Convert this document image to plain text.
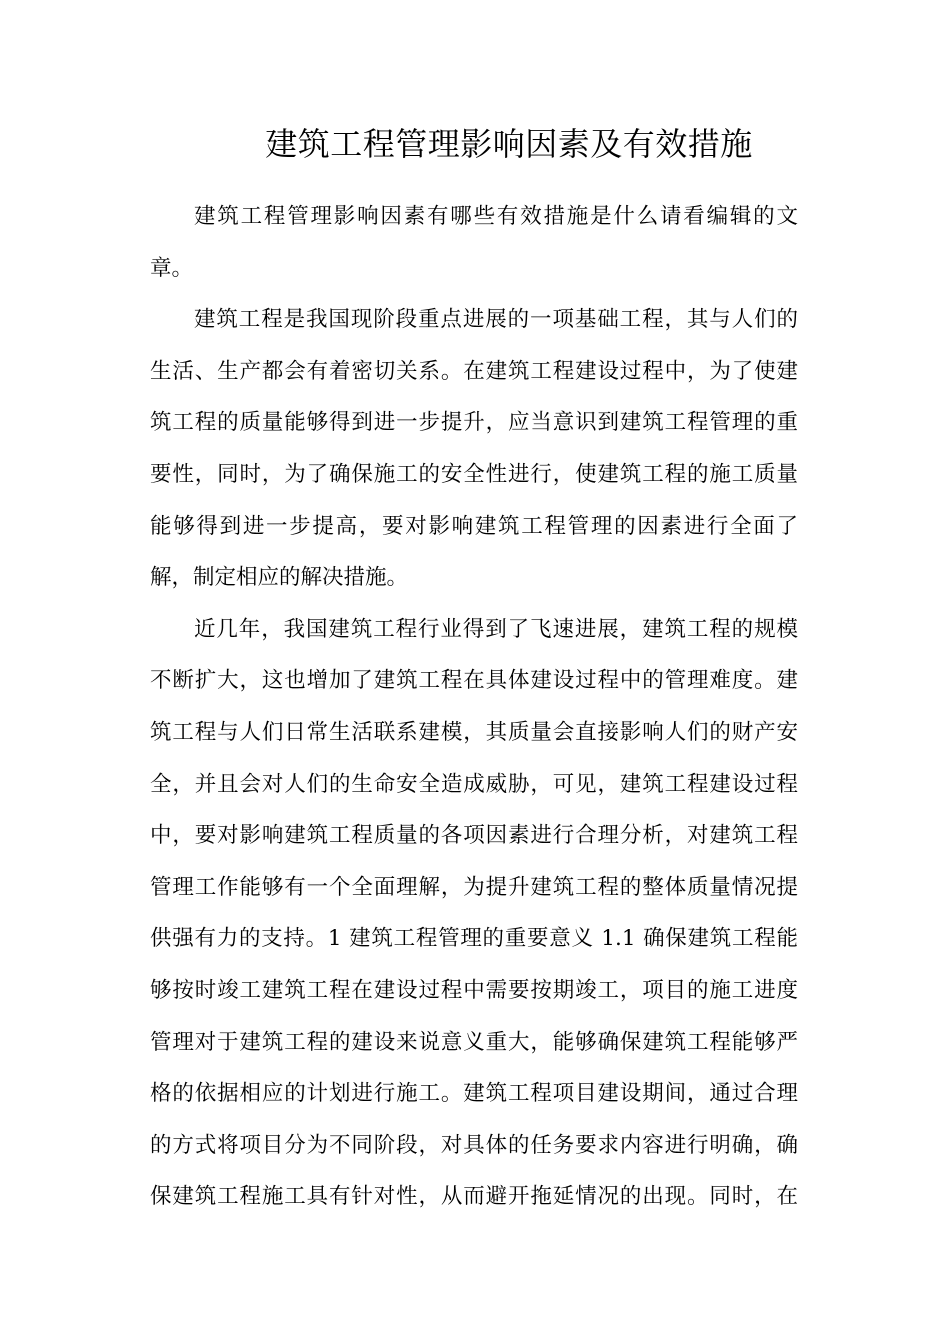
建筑工程管理影响因素及有效措施
建筑工程管理影响因素有哪些有效措施是什么请看编辑的文
章。
建筑工程是我国现阶段重点进展的一项基础工程，其与人们的
生活、生产都会有着密切关系。在建筑工程建设过程中，为了使建
筑工程的质量能够得到进一步提升，应当意识到建筑工程管理的重
要性，同时，为了确保施工的安全性进行，使建筑工程的施工质量
能够得到进一步提高，要对影响建筑工程管理的因素进行全面了
解，制定相应的解决措施。
近几年，我国建筑工程行业得到了飞速进展，建筑工程的规模
不断扩大，这也增加了建筑工程在具体建设过程中的管理难度。建
筑工程与人们日常生活联系建模，其质量会直接影响人们的财产安
全，并且会对人们的生命安全造成威胁，可见，建筑工程建设过程
中，要对影响建筑工程质量的各项因素进行合理分析，对建筑工程
管理工作能够有一个全面理解，为提升建筑工程的整体质量情况提
供强有力的支持。1 建筑工程管理的重要意义 1.1 确保建筑工程能
够按时竣工建筑工程在建设过程中需要按期竣工，项目的施工进度
管理对于建筑工程的建设来说意义重大，能够确保建筑工程能够严
格的依据相应的计划进行施工。建筑工程项目建设期间，通过合理
的方式将项目分为不同阶段，对具体的任务要求内容进行明确，确
保建筑工程施工具有针对性，从而避开拖延情况的出现。同时，在
